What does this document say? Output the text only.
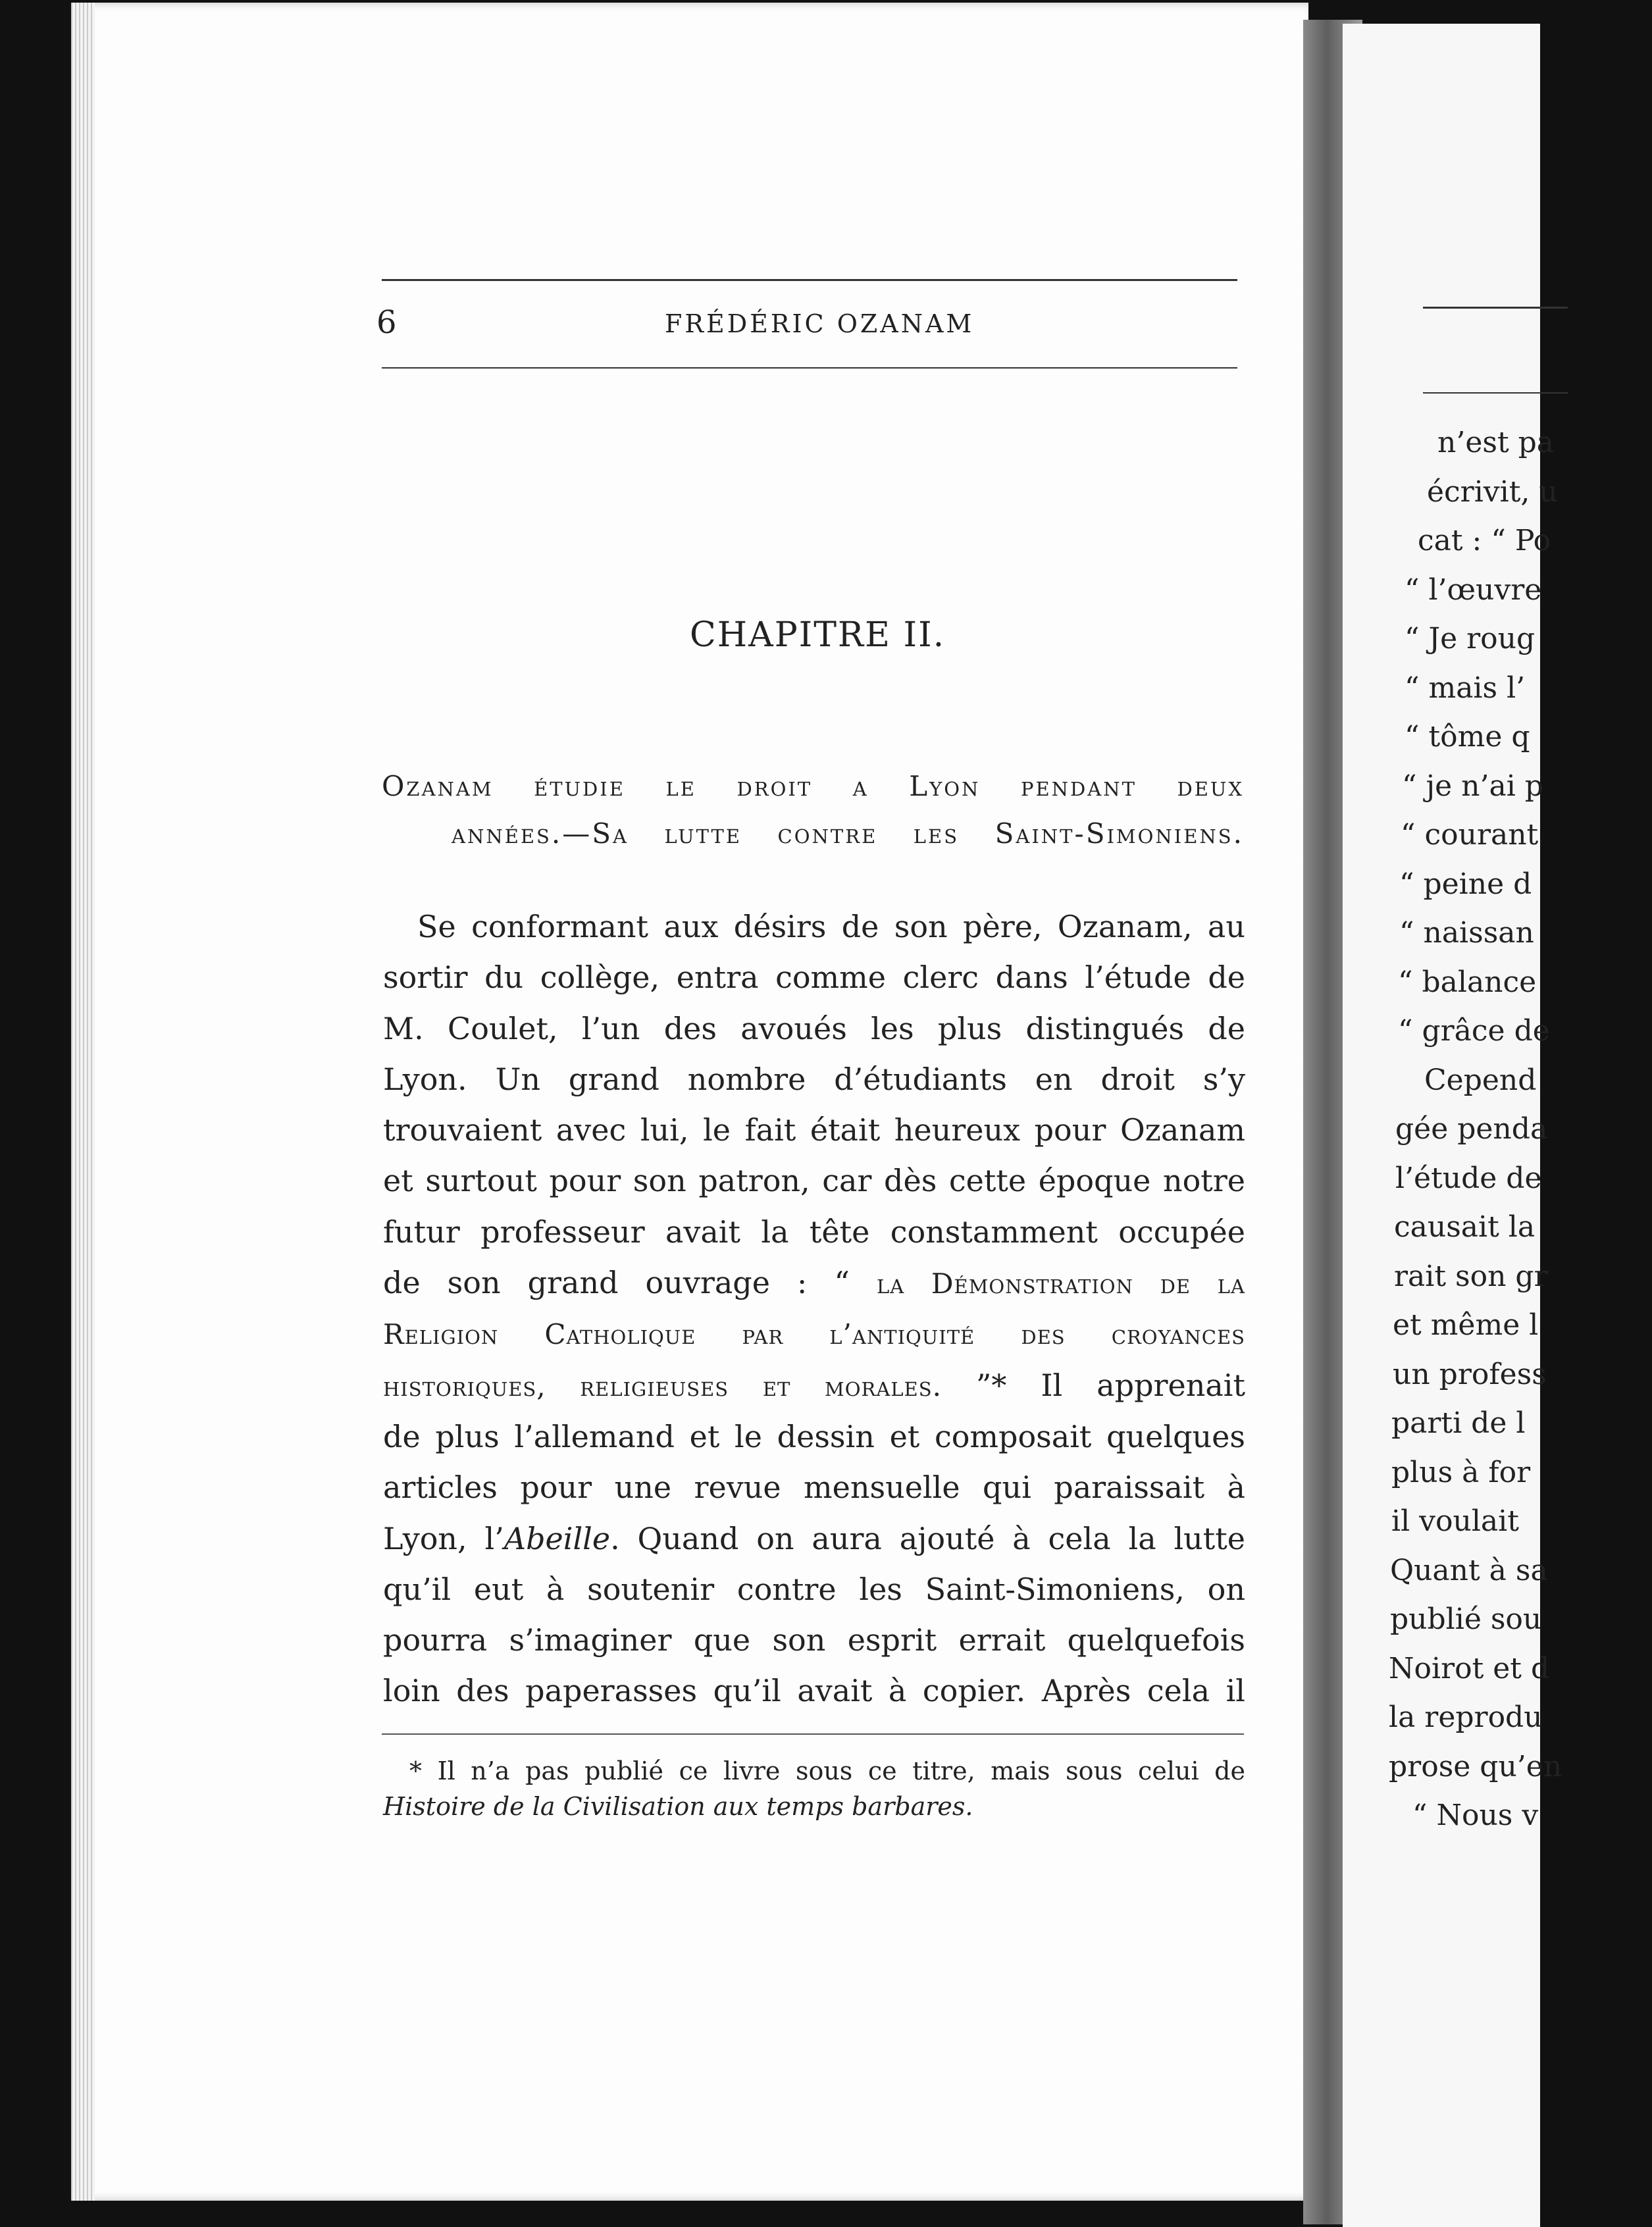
n’est pa
écrivit, u
cat : “ Po
“ l’œuvre
“ Je roug
“ mais l’
“ tôme q
“ je n’ai p
“ courant
“ peine d
“ naissan
“ balance
“ grâce de
Cepend
gée penda
l’étude de
causait la
rait son gr
et même l
un profess
parti de l
plus à for
il voulait
Quant à sa
publié sou
Noirot et d
la reprodu
prose qu’en
“ Nous v
6	FRÉDÉRIC OZANAM
CHAPITRE II.
Ozanam étudie le droit a Lyon pendant deux
années.—Sa lutte contre les Saint-Simoniens.
Se conformant aux désirs de son père, Ozanam, au
sortir du collège, entra comme clerc dans l’étude de
M. Coulet, l’un des avoués les plus distingués de
Lyon. Un grand nombre d’étudiants en droit s’y
trouvaient avec lui, le fait était heureux pour Ozanam
et surtout pour son patron, car dès cette époque notre
futur professeur avait la tête constamment occupée
de son grand ouvrage : “ la Démonstration de la
Religion Catholique par l’antiquité des croyances
historiques, religieuses et morales. ”* Il apprenait
de plus l’allemand et le dessin et composait quelques
articles pour une revue mensuelle qui paraissait à
Lyon, l’Abeille. Quand on aura ajouté à cela la lutte
qu’il eut à soutenir contre les Saint-Simoniens, on
pourra s’imaginer que son esprit errait quelquefois
loin des paperasses qu’il avait à copier. Après cela il
* Il n’a pas publié ce livre sous ce titre, mais sous celui de
Histoire de la Civilisation aux temps barbares.
